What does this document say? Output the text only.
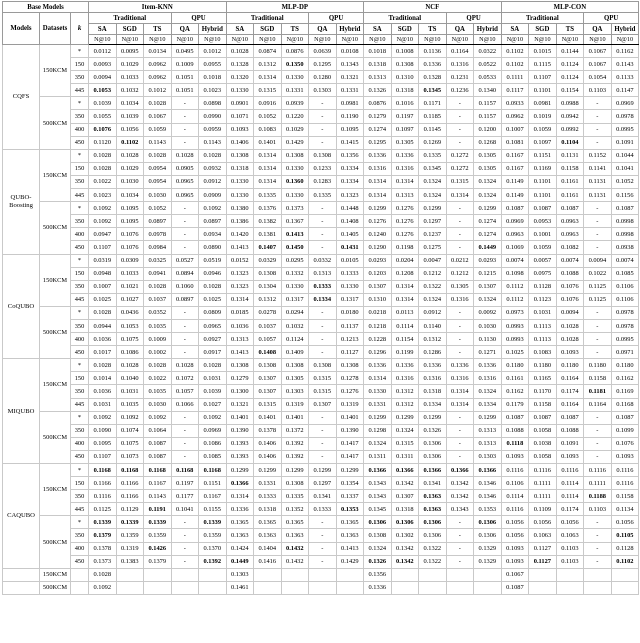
Base Models			Item-KNN					MLP-DP					NCF					MLP-CON				
Models	Datasets	k	Traditional			QPU		Traditional			QPU		Traditional			QPU		Traditional			QPU	
			SA	SGD	TS	QA	Hybrid	SA	SGD	TS	QA	Hybrid	SA	SGD	TS	QA	Hybrid	SA	SGD	TS	QA	Hybrid
			N@10	N@10	N@10	N@10	N@10	N@10	N@10	N@10	N@10	N@10	N@10	N@10	N@10	N@10	N@10	N@10	N@10	N@10	N@10	N@10
CQFS	150KCM	*	0.0112	0.0095	0.0134	0.0495	0.1012	0.1028	0.0874	0.0876	0.0639	0.0108	0.1018	0.1008	0.1136	0.1164	0.0322	0.1102	0.1015	0.1144	0.1067	0.1162
		150	0.0093	0.1029	0.0962	0.1009	0.0955	0.1328	0.1312	0.1350	0.1295	0.1343	0.1318	0.1308	0.1336	0.1316	0.0522	0.1102	0.1115	0.1124	0.1067	0.1143
		350	0.0094	0.1033	0.0962	0.1051	0.1018	0.1320	0.1314	0.1330	0.1280	0.1321	0.1313	0.1310	0.1328	0.1231	0.0533	0.1111	0.1107	0.1124	0.1054	0.1133
		445	0.1053	0.1032	0.1012	0.1051	0.1023	0.1330	0.1315	0.1331	0.1303	0.1331	0.1326	0.1318	0.1345	0.1236	0.1340	0.1117	0.1101	0.1154	0.1103	0.1147
	500KCM	*	0.1039	0.1034	0.1028	-	0.0898	0.0901	0.0916	0.0939	-	0.0981	0.0876	0.1016	0.1171	-	0.1157	0.0933	0.0981	0.0988	-	0.0969
		350	0.1055	0.1039	0.1067	-	0.0990	0.1071	0.1052	0.1220	-	0.1190	0.1279	0.1197	0.1185	-	0.1157	0.0962	0.1019	0.0942	-	0.0978
		400	0.1076	0.1056	0.1059	-	0.0959	0.1093	0.1083	0.1029	-	0.1095	0.1274	0.1097	0.1145	-	0.1200	0.1007	0.1059	0.0992	-	0.0995
		450	0.1120	0.1102	0.1143	-	0.1143	0.1406	0.1401	0.1429	-	0.1415	0.1295	0.1305	0.1269	-	0.1268	0.1081	0.1097	0.1104	-	0.1091
QUBO-Boosting	150KCM	*	0.1028	0.1028	0.1028	0.1028	0.1028	0.1308	0.1314	0.1308	0.1308	0.1356	0.1336	0.1336	0.1335	0.1272	0.1305	0.1167	0.1151	0.1131	0.1152	0.1044
		150	0.1028	0.1029	0.0954	0.0905	0.0932	0.1318	0.1314	0.1330	0.1233	0.1334	0.1316	0.1316	0.1345	0.1272	0.1305	0.1167	0.1169	0.1158	0.1141	0.1041
		350	0.1022	0.1030	0.0954	0.0965	0.0912	0.1330	0.1314	0.1360	0.1283	0.1334	0.1314	0.1314	0.1324	0.1315	0.1324	0.1149	0.1101	0.1161	0.1131	0.1052
		445	0.1023	0.1034	0.1030	0.0965	0.0909	0.1330	0.1335	0.1330	0.1335	0.1323	0.1314	0.1313	0.1324	0.1314	0.1324	0.1149	0.1101	0.1161	0.1131	0.1156
	500KCM	*	0.1092	0.1095	0.1052	-	0.1092	0.1380	0.1376	0.1373	-	0.1448	0.1299	0.1276	0.1299	-	0.1299	0.1087	0.1087	0.1087	-	0.1087
		350	0.1092	0.1095	0.0897	-	0.0897	0.1386	0.1382	0.1367	-	0.1408	0.1276	0.1276	0.1297	-	0.1274	0.0969	0.0953	0.0963	-	0.0998
		400	0.0947	0.1076	0.0978	-	0.0934	0.1420	0.1381	0.1413	-	0.1405	0.1240	0.1276	0.1237	-	0.1274	0.0963	0.1001	0.0963	-	0.0998
		450	0.1107	0.1076	0.0984	-	0.0890	0.1413	0.1407	0.1450	-	0.1431	0.1290	0.1198	0.1275	-	0.1449	0.1069	0.1059	0.1082	-	0.0938
CoQUBO	150KCM	*	0.0319	0.0309	0.0325	0.0527	0.0519	0.0152	0.0329	0.0295	0.0332	0.0105	0.0293	0.0204	0.0047	0.0212	0.0293	0.0074	0.0057	0.0074	0.0094	0.0074
		150	0.0948	0.1033	0.0941	0.0894	0.0946	0.1323	0.1308	0.1332	0.1313	0.1333	0.1203	0.1208	0.1212	0.1212	0.1215	0.1098	0.0975	0.1088	0.1022	0.1085
		350	0.1007	0.1021	0.1028	0.1060	0.1028	0.1323	0.1304	0.1330	0.1333	0.1330	0.1307	0.1314	0.1322	0.1305	0.1307	0.1112	0.1128	0.1076	0.1125	0.1106
		445	0.1025	0.1027	0.1037	0.0897	0.1025	0.1314	0.1312	0.1317	0.1334	0.1317	0.1310	0.1314	0.1324	0.1316	0.1324	0.1112	0.1123	0.1076	0.1125	0.1106
	500KCM	*	0.1028	0.0436	0.0352	-	0.0809	0.0185	0.0278	0.0294	-	0.0180	0.0218	0.0113	0.0912	-	0.0092	0.0973	0.1031	0.0094	-	0.0978
		350	0.0944	0.1053	0.1035	-	0.0965	0.1036	0.1037	0.1032	-	0.1137	0.1218	0.1114	0.1140	-	0.1030	0.0993	0.1113	0.1028	-	0.0978
		400	0.1036	0.1075	0.1009	-	0.0927	0.1313	0.1057	0.1124	-	0.1213	0.1228	0.1154	0.1312	-	0.1130	0.0993	0.1113	0.1028	-	0.0995
		450	0.1017	0.1086	0.1002	-	0.0917	0.1413	0.1408	0.1409	-	0.1127	0.1296	0.1199	0.1286	-	0.1271	0.1025	0.1083	0.1093	-	0.0971
MIQUBO	150KCM	*	0.1028	0.1028	0.1028	0.1028	0.1028	0.1308	0.1308	0.1308	0.1308	0.1308	0.1336	0.1336	0.1336	0.1336	0.1336	0.1180	0.1180	0.1180	0.1180	0.1180
		150	0.1014	0.1040	0.1022	0.1072	0.1031	0.1279	0.1307	0.1305	0.1315	0.1278	0.1314	0.1316	0.1316	0.1316	0.1316	0.1161	0.1165	0.1164	0.1158	0.1162
		350	0.1036	0.1031	0.1035	0.1057	0.1039	0.1300	0.1307	0.1303	0.1315	0.1276	0.1330	0.1312	0.1318	0.1314	0.1324	0.1162	0.1170	0.1174	0.1181	0.1169
		445	0.1031	0.1035	0.1030	0.1066	0.1027	0.1321	0.1315	0.1319	0.1307	0.1319	0.1331	0.1312	0.1334	0.1314	0.1334	0.1179	0.1158	0.1164	0.1164	0.1168
	500KCM	*	0.1092	0.1092	0.1092	-	0.1092	0.1401	0.1401	0.1401	-	0.1401	0.1299	0.1299	0.1299	-	0.1299	0.1087	0.1087	0.1087	-	0.1087
		350	0.1090	0.1074	0.1064	-	0.0969	0.1390	0.1378	0.1372	-	0.1390	0.1298	0.1324	0.1326	-	0.1313	0.1088	0.1058	0.1088	-	0.1099
		400	0.1095	0.1075	0.1087	-	0.1086	0.1393	0.1406	0.1392	-	0.1417	0.1324	0.1315	0.1306	-	0.1313	0.1118	0.1038	0.1091	-	0.1076
		450	0.1107	0.1073	0.1087	-	0.1085	0.1393	0.1406	0.1392	-	0.1417	0.1311	0.1311	0.1306	-	0.1303	0.1093	0.1058	0.1093	-	0.1093
CAQUBO	150KCM	*	0.1168	0.1168	0.1168	0.1168	0.1168	0.1299	0.1299	0.1299	0.1299	0.1299	0.1366	0.1366	0.1366	0.1366	0.1366	0.1116	0.1116	0.1116	0.1116	0.1116
		150	0.1166	0.1166	0.1167	0.1197	0.1151	0.1366	0.1331	0.1308	0.1297	0.1354	0.1343	0.1342	0.1341	0.1342	0.1346	0.1106	0.1111	0.1114	0.1111	0.1116
		350	0.1116	0.1166	0.1143	0.1177	0.1167	0.1314	0.1333	0.1335	0.1341	0.1337	0.1343	0.1307	0.1363	0.1342	0.1346	0.1114	0.1111	0.1114	0.1188	0.1158
		445	0.1125	0.1129	0.1191	0.1041	0.1155	0.1336	0.1318	0.1352	0.1333	0.1353	0.1345	0.1318	0.1363	0.1343	0.1353	0.1116	0.1109	0.1174	0.1103	0.1134
	500KCM	*	0.1339	0.1339	0.1339	-	0.1339	0.1365	0.1365	0.1365	-	0.1365	0.1306	0.1306	0.1306	-	0.1306	0.1056	0.1056	0.1056	-	0.1056
		350	0.1379	0.1359	0.1359	-	0.1359	0.1363	0.1363	0.1363	-	0.1363	0.1308	0.1302	0.1306	-	0.1306	0.1056	0.1063	0.1063	-	0.1105
		400	0.1378	0.1319	0.1426	-	0.1370	0.1424	0.1404	0.1432	-	0.1413	0.1324	0.1342	0.1322	-	0.1329	0.1093	0.1127	0.1103	-	0.1128
		450	0.1373	0.1383	0.1379	-	0.1392	0.1449	0.1416	0.1432	-	0.1429	0.1326	0.1342	0.1322	-	0.1329	0.1093	0.1127	0.1103	-	0.1102
	150KCM		0.1028					0.1303					0.1356					0.1067				
	500KCM		0.1092					0.1461					0.1336					0.1087				
